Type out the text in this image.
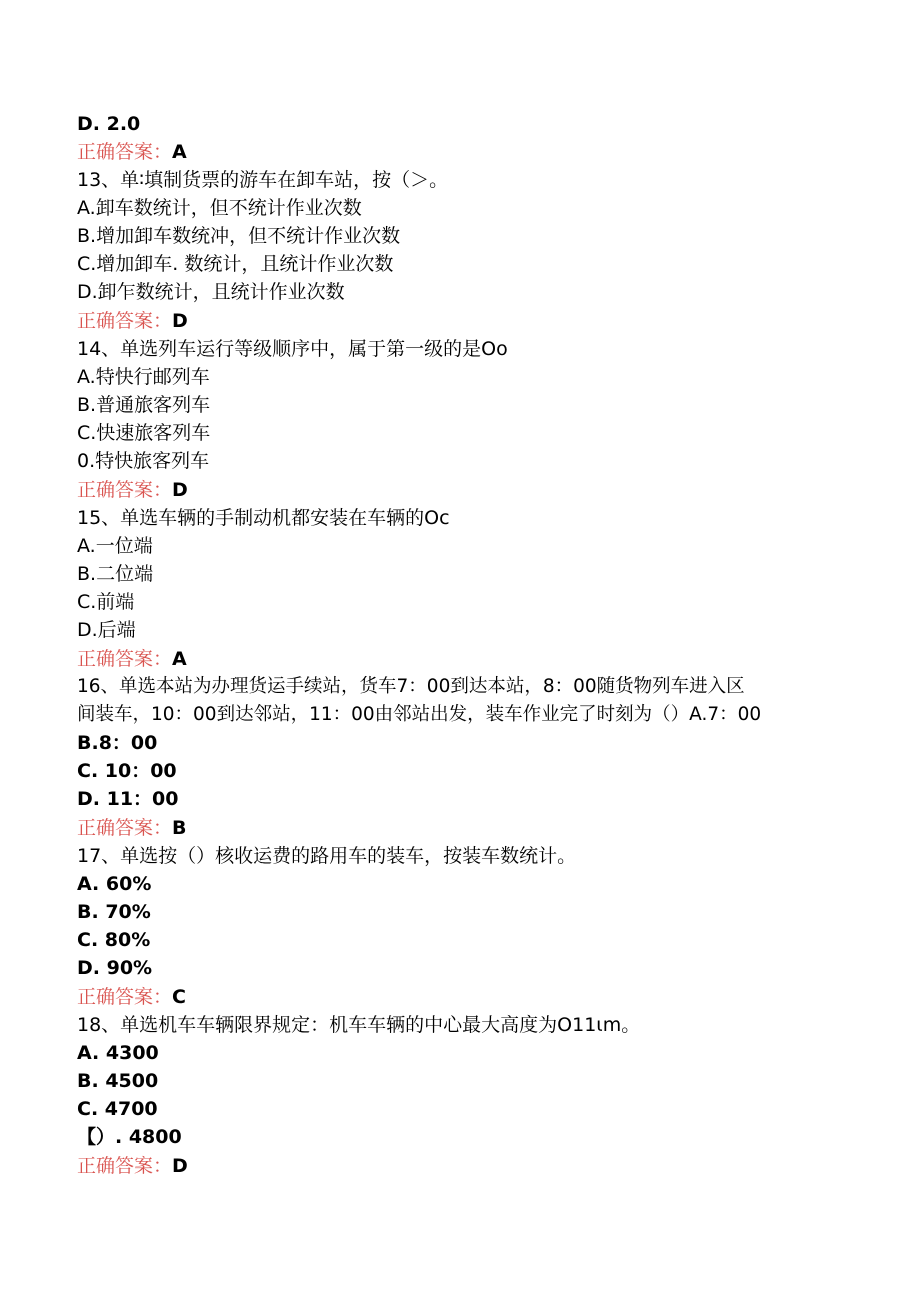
D. 2.0
正确答案：A
13、单∶填制货票的游车在卸车站，按（＞。
A.卸车数统计，但不统计作业次数
B.增加卸车数统冲，但不统计作业次数
C.增加卸车. 数统计，且统计作业次数
D.卸乍数统计，且统计作业次数
正确答案：D
14、单选列车运行等级顺序中，属于第一级的是Oo
A.特快行邮列车
B.普通旅客列车
C.快速旅客列车
0.特快旅客列车
正确答案：D
15、单选车辆的手制动机都安装在车辆的Oc
A.一位端
B.二位端
C.前端
D.后端
正确答案：A
16、单选本站为办理货运手续站，货车7：00到达本站，8：00随货物列车进入区
间装车，10：00到达邻站，11：00由邻站出发，装车作业完了时刻为（）A.7：00
B.8：00
C. 10：00
D. 11：00
正确答案：B
17、单选按（）核收运费的路用车的装车，按装车数统计。
A. 60%
B. 70%
C. 80%
D. 90%
正确答案：C
18、单选机车车辆限界规定：机车车辆的中心最大高度为O11ιm。
A. 4300
B. 4500
C. 4700
【）. 4800
正确答案：D
